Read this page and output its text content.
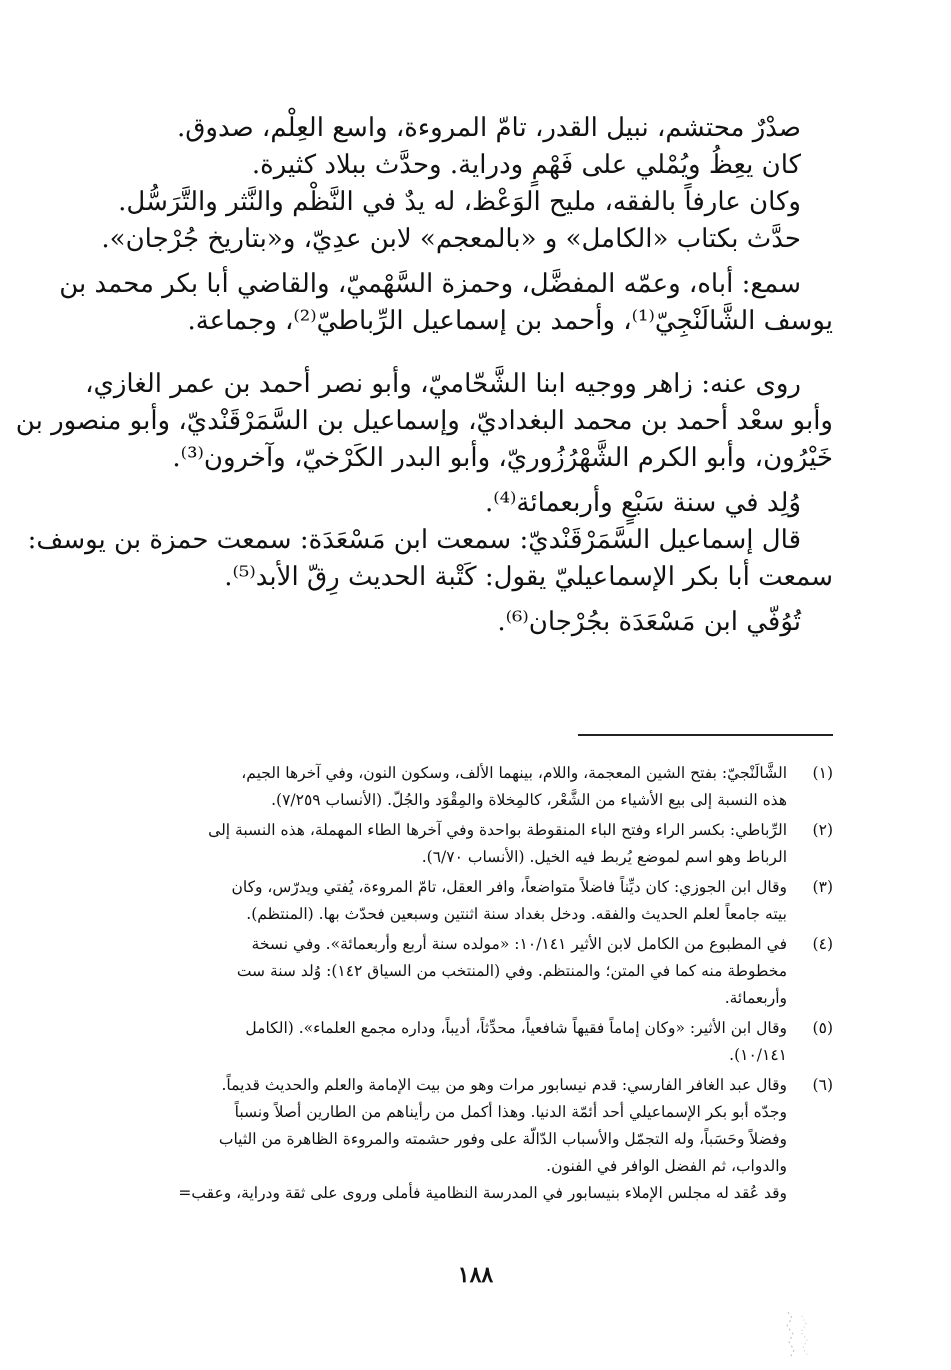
صدْرٌ محتشم، نبيل القدر، تامّ المروءة، واسع العِلْم، صدوق.
كان يعِظُ ويُمْلي على فَهْمٍ ودراية. وحدَّث ببلاد كثيرة.
وكان عارفاً بالفقه، مليح الوَعْظ، له يدٌ في النَّظْم والنَّثر والتَّرَسُّل.
حدَّث بكتاب «الكامل» و «بالمعجم» لابن عدِيّ، و«بتاريخ جُرْجان».

سمع: أباه، وعمّه المفضَّل، وحمزة السَّهْميّ، والقاضي أبا بكر محمد بن

يوسف الشَّالَنْجِيّ⁽¹⁾، وأحمد بن إسماعيل الرِّباطيّ⁽²⁾، وجماعة.

روى عنه: زاهر ووجيه ابنا الشَّحّاميّ، وأبو نصر أحمد بن عمر الغازي،

وأبو سعْد أحمد بن محمد البغداديّ، وإسماعيل بن السَّمَرْقَنْديّ، وأبو منصور بن
خَيْرُون، وأبو الكرم الشَّهْرُزُوريّ، وأبو البدر الكَرْخيّ، وآخرون⁽³⁾.

وُلِد في سنة سَبْعٍ وأربعمائة⁽⁴⁾.

قال إسماعيل السَّمَرْقَنْديّ: سمعت ابن مَسْعَدَة: سمعت حمزة بن يوسف:

سمعت أبا بكر الإسماعيليّ يقول: كَتْبة الحديث رِقّ الأبد⁽⁵⁾.

تُوُفّي ابن مَسْعَدَة بجُرْجان⁽⁶⁾.

(١)
الشَّالَنْجيّ: بفتح الشين المعجمة، واللام، بينهما الألف، وسكون النون، وفي آخرها الجيم،
هذه النسبة إلى بيع الأشياء من الشَّعْر، كالمِخلاة والمِقْوَد والجُلّ. (الأنساب ٧/٢٥٩).
(٢)
الرِّباطي: بكسر الراء وفتح الباء المنقوطة بواحدة وفي آخرها الطاء المهملة، هذه النسبة إلى
الرباط وهو اسم لموضع يُربط فيه الخيل. (الأنساب ٦/٧٠).
(٣)
وقال ابن الجوزي: كان ديِّناً فاضلاً متواضعاً، وافر العقل، تامّ المروءة، يُفتي ويدرّس، وكان
بيته جامعاً لعلم الحديث والفقه. ودخل بغداد سنة اثنتين وسبعين فحدّث بها. (المنتظم).
(٤)
في المطبوع من الكامل لابن الأثير ١٠/١٤١: «مولده سنة أربع وأربعمائة». وفي نسخة
مخطوطة منه كما في المتن؛ والمنتظم. وفي (المنتخب من السياق ١٤٢): وُلد سنة ست
وأربعمائة.
(٥)
وقال ابن الأثير: «وكان إماماً فقيهاً شافعياً، محدِّثاً، أديباً، وداره مجمع العلماء». (الكامل
١٠/١٤١).
(٦)
وقال عبد الغافر الفارسي: قدم نيسابور مرات وهو من بيت الإمامة والعلم والحديث قديماً.
وجدّه أبو بكر الإسماعيلي أحد أئمّة الدنيا. وهذا أكمل من رأيناهم من الطارين أصلاً ونسباً
وفضلاً وحَسَباً، وله التجمّل والأسباب الدّالّة على وفور حشمته والمروءة الظاهرة من الثياب
والدواب، ثم الفضل الوافر في الفنون.
وقد عُقد له مجلس الإملاء بنيسابور في المدرسة النظامية فأملى وروى على ثقة ودراية، وعقب=
١٨٨
